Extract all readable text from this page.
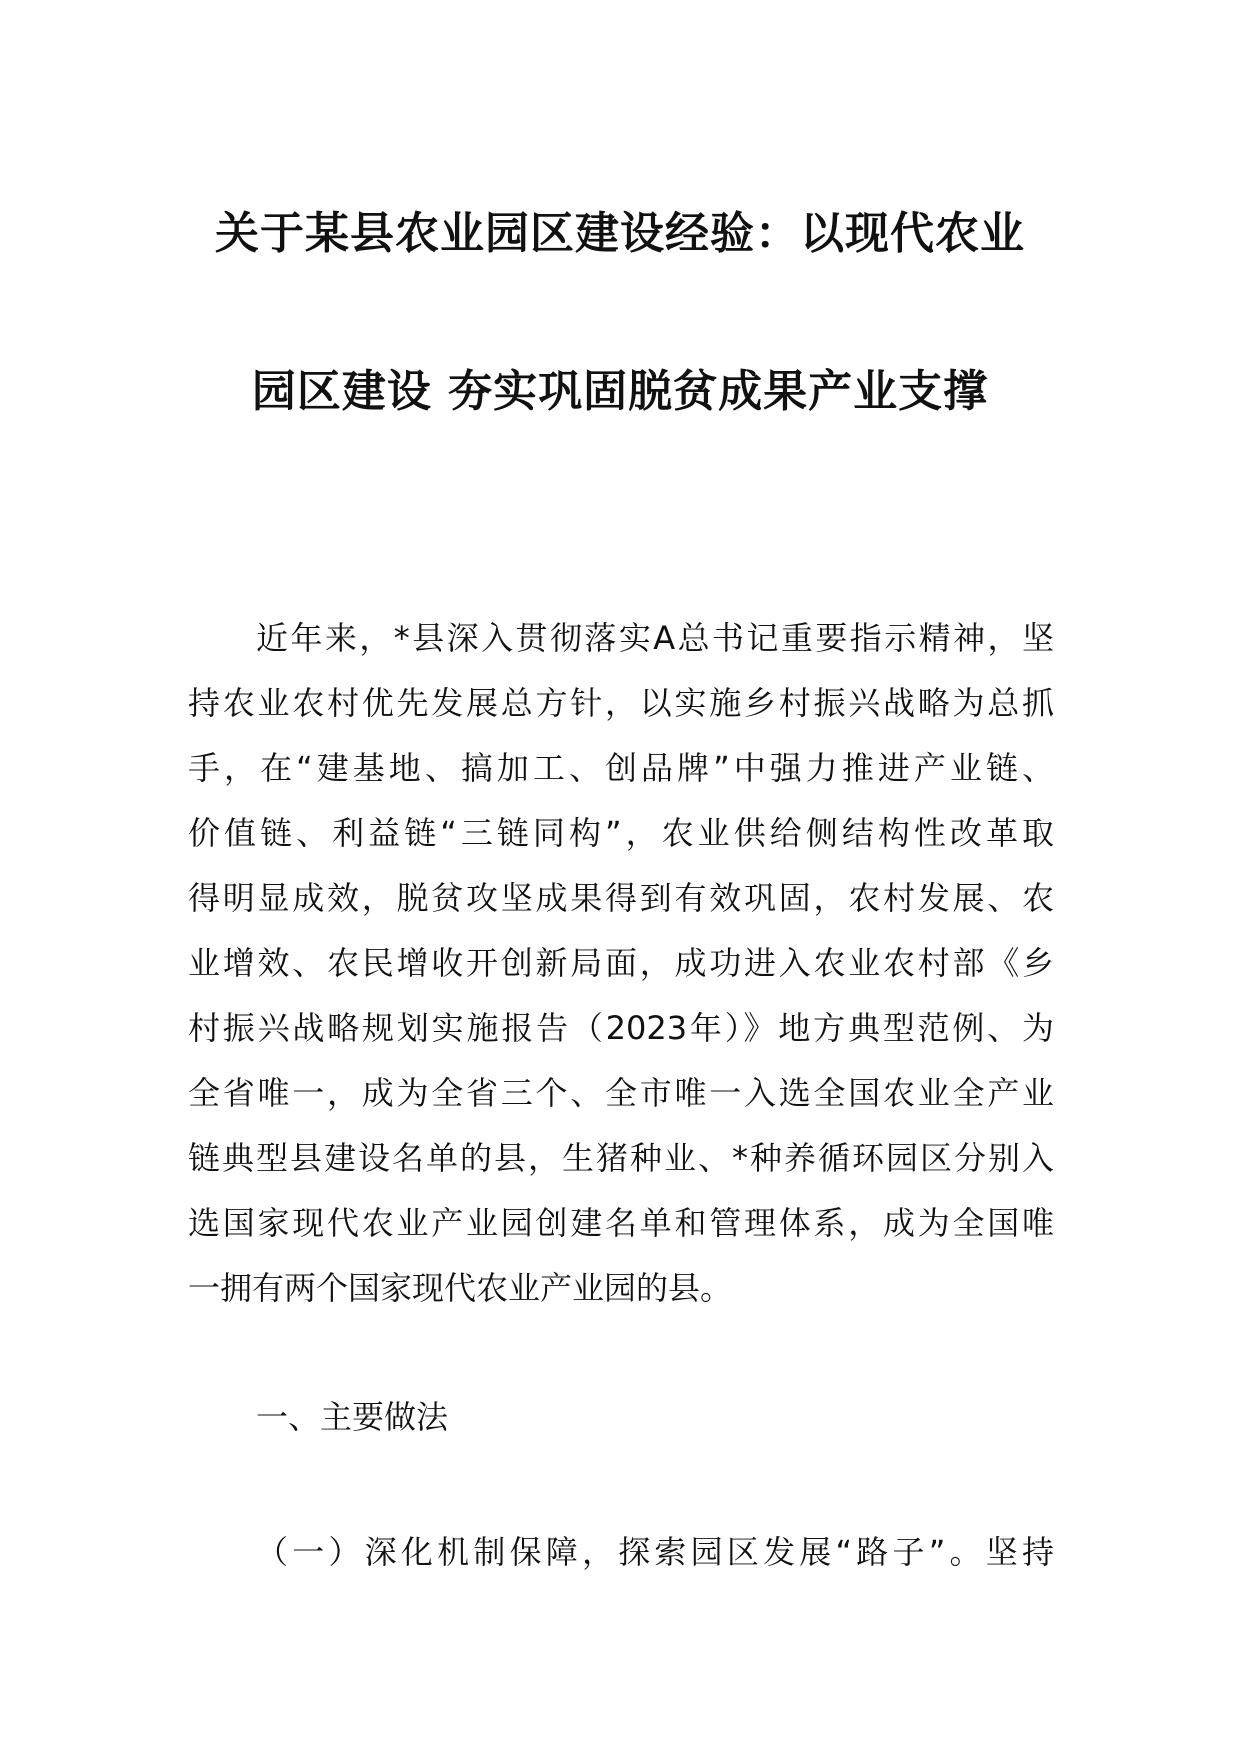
关于某县农业园区建设经验：以现代农业
园区建设 夯实巩固脱贫成果产业支撑
近年来，*县深入贯彻落实A总书记重要指示精神，坚
持农业农村优先发展总方针，以实施乡村振兴战略为总抓
手，在“建基地、搞加工、创品牌”中强力推进产业链、
价值链、利益链“三链同构”，农业供给侧结构性改革取
得明显成效，脱贫攻坚成果得到有效巩固，农村发展、农
业增效、农民增收开创新局面，成功进入农业农村部《乡
村振兴战略规划实施报告（2023年）》地方典型范例、为
全省唯一，成为全省三个、全市唯一入选全国农业全产业
链典型县建设名单的县，生猪种业、*种养循环园区分别入
选国家现代农业产业园创建名单和管理体系，成为全国唯
一拥有两个国家现代农业产业园的县。
一、主要做法
（一）深化机制保障，探索园区发展“路子”。坚持
